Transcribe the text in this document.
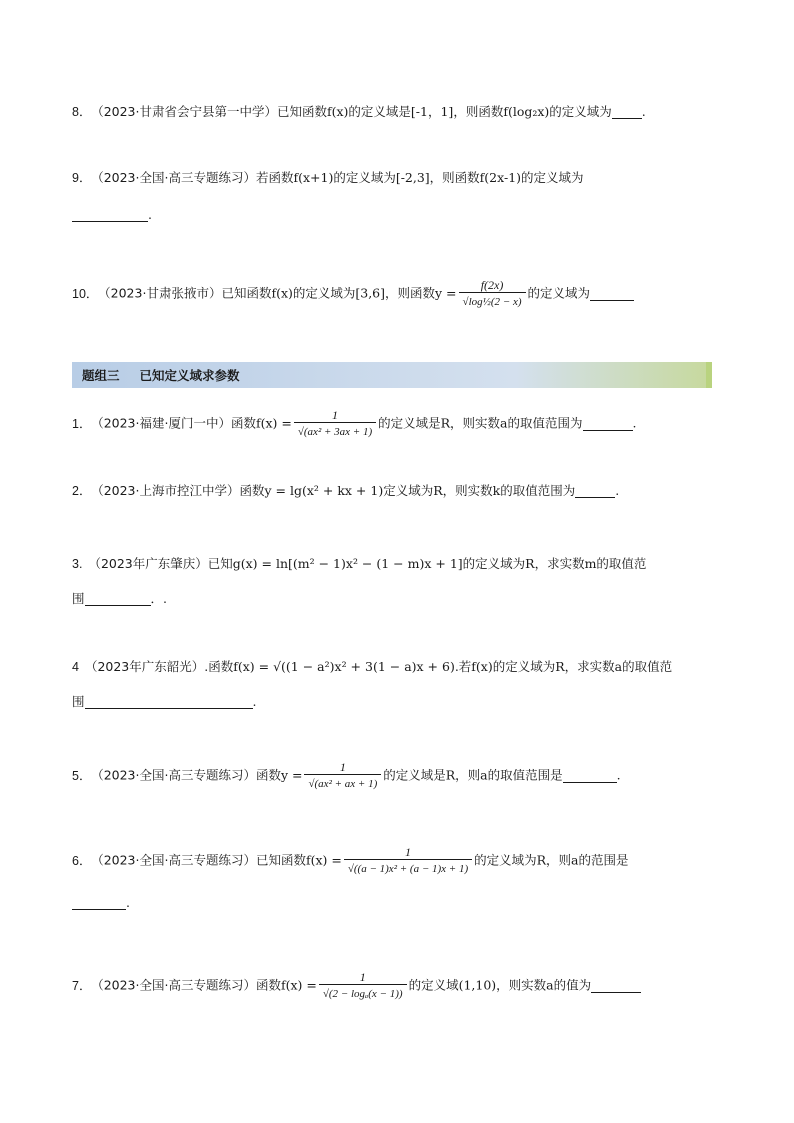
8． （2023·甘肃省会宁县第一中学）已知函数f(x)的定义域是[-1，1]，则函数f(log₂x)的定义域为 .
9． （2023·全国·高三专题练习）若函数f(x+1)的定义域为[-2,3]，则函数f(2x-1)的定义域为
.
10． （2023·甘肃张掖市）已知函数f(x)的定义域为[3,6]，则函数$y = \frac{f(2x)}{\text{√log½(2 − x)}}$ 的定义域为
题组三 已知定义域求参数
1． （2023·福建·厦门一中）函数$f(x) = \frac{1}{\text{√(ax² + 3ax + 1)}}$ 的定义域是R，则实数a的取值范围为	.
2． （2023·上海市控江中学）函数y = lg(x² + kx + 1)定义域为R，则实数k的取值范围为	.
3. （2023年广东肇庆）已知g(x) = ln[(m² − 1)x² − (1 − m)x + 1]的定义域为R，求实数m的取值范
围	．.
4 （2023年广东韶光）.函数f(x) = √((1 − a²)x² + 3(1 − a)x + 6).若f(x)的定义域为R，求实数a的取值范
围	.
5． （2023·全国·高三专题练习）函数$y = \frac{1}{\text{√(ax² + ax + 1)}}$ 的定义域是R，则a的取值范围是	.
6． （2023·全国·高三专题练习）已知函数$f(x) = \frac{1}{\text{√((a − 1)x² + (a − 1)x + 1)}}$ 的定义域为R，则a的范围是
.
7． （2023·全国·高三专题练习）函数$f(x) = \frac{1}{\text{√(2 − logₐ(x − 1))}}$ 的定义域(1,10)，则实数a的值为
